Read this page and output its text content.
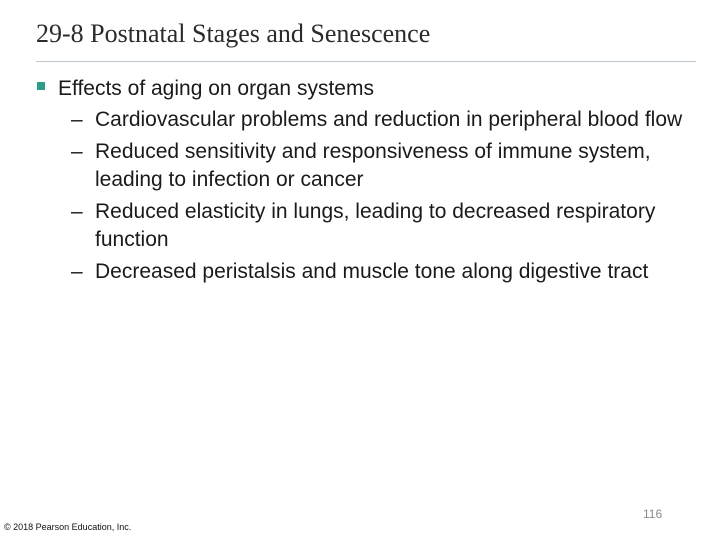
29-8 Postnatal Stages and Senescence
Effects of aging on organ systems
– Cardiovascular problems and reduction in peripheral blood flow
– Reduced sensitivity and responsiveness of immune system, leading to infection or cancer
– Reduced elasticity in lungs, leading to decreased respiratory function
– Decreased peristalsis and muscle tone along digestive tract
116
© 2018 Pearson Education, Inc.
